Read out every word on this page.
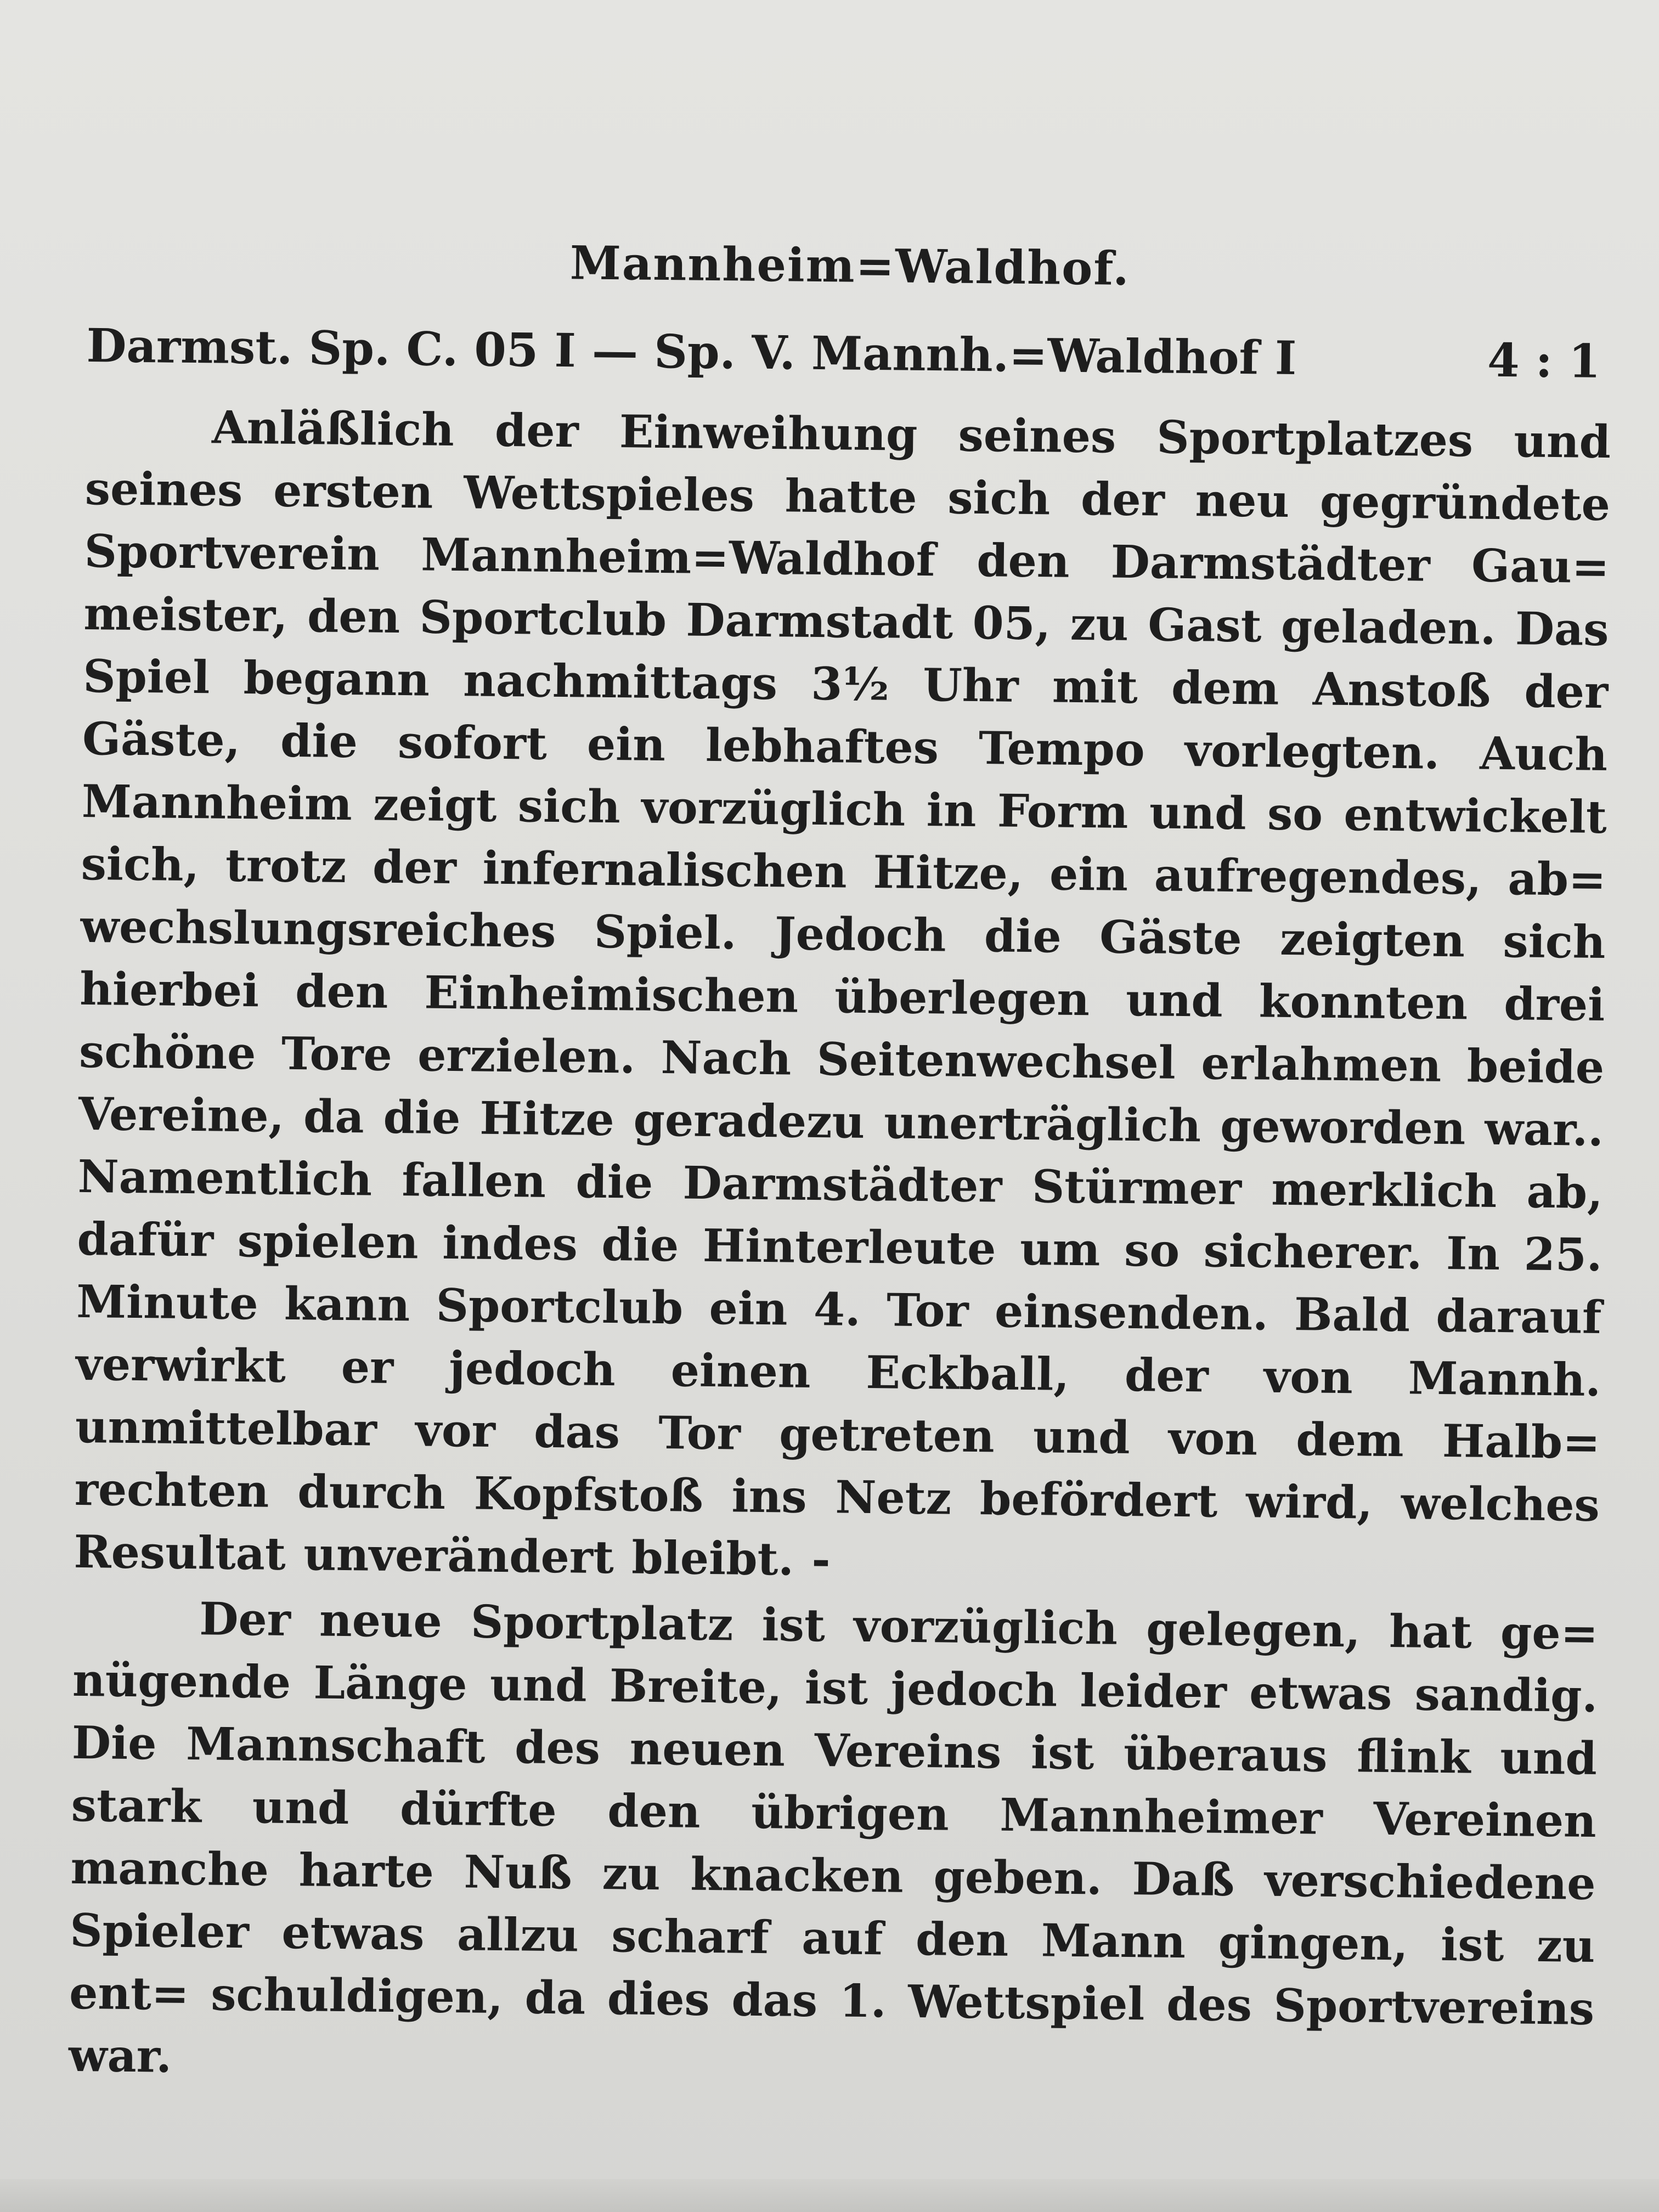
Mannheim=Waldhof.
Darmst. Sp. C. 05 I — Sp. V. Mannh.=Waldhof I	4 : 1

Anläßlich der Einweihung seines Sportplatzes und seines ersten Wettspieles hatte sich der neu gegründete Sportverein Mannheim=Waldhof den Darmstädter Gau= meister, den Sportclub Darmstadt 05, zu Gast geladen. Das Spiel begann nachmittags 3½ Uhr mit dem Anstoß der Gäste, die sofort ein lebhaftes Tempo vorlegten. Auch Mannheim zeigt sich vorzüglich in Form und so entwickelt sich, trotz der infernalischen Hitze, ein aufregendes, ab= wechslungsreiches Spiel. Jedoch die Gäste zeigten sich hierbei den Einheimischen überlegen und konnten drei schöne Tore erzielen. Nach Seitenwechsel erlahmen beide Vereine, da die Hitze geradezu unerträglich geworden war.. Namentlich fallen die Darmstädter Stürmer merklich ab, dafür spielen indes die Hinterleute um so sicherer. In 25. Minute kann Sportclub ein 4. Tor einsenden. Bald darauf verwirkt er jedoch einen Eckball, der von Mannh. unmittelbar vor das Tor getreten und von dem Halb= rechten durch Kopfstoß ins Netz befördert wird, welches Resultat unverändert bleibt. -

Der neue Sportplatz ist vorzüglich gelegen, hat ge= nügende Länge und Breite, ist jedoch leider etwas sandig. Die Mannschaft des neuen Vereins ist überaus flink und stark und dürfte den übrigen Mannheimer Vereinen manche harte Nuß zu knacken geben. Daß verschiedene Spieler etwas allzu scharf auf den Mann gingen, ist zu ent= schuldigen, da dies das 1. Wettspiel des Sportvereins war.
